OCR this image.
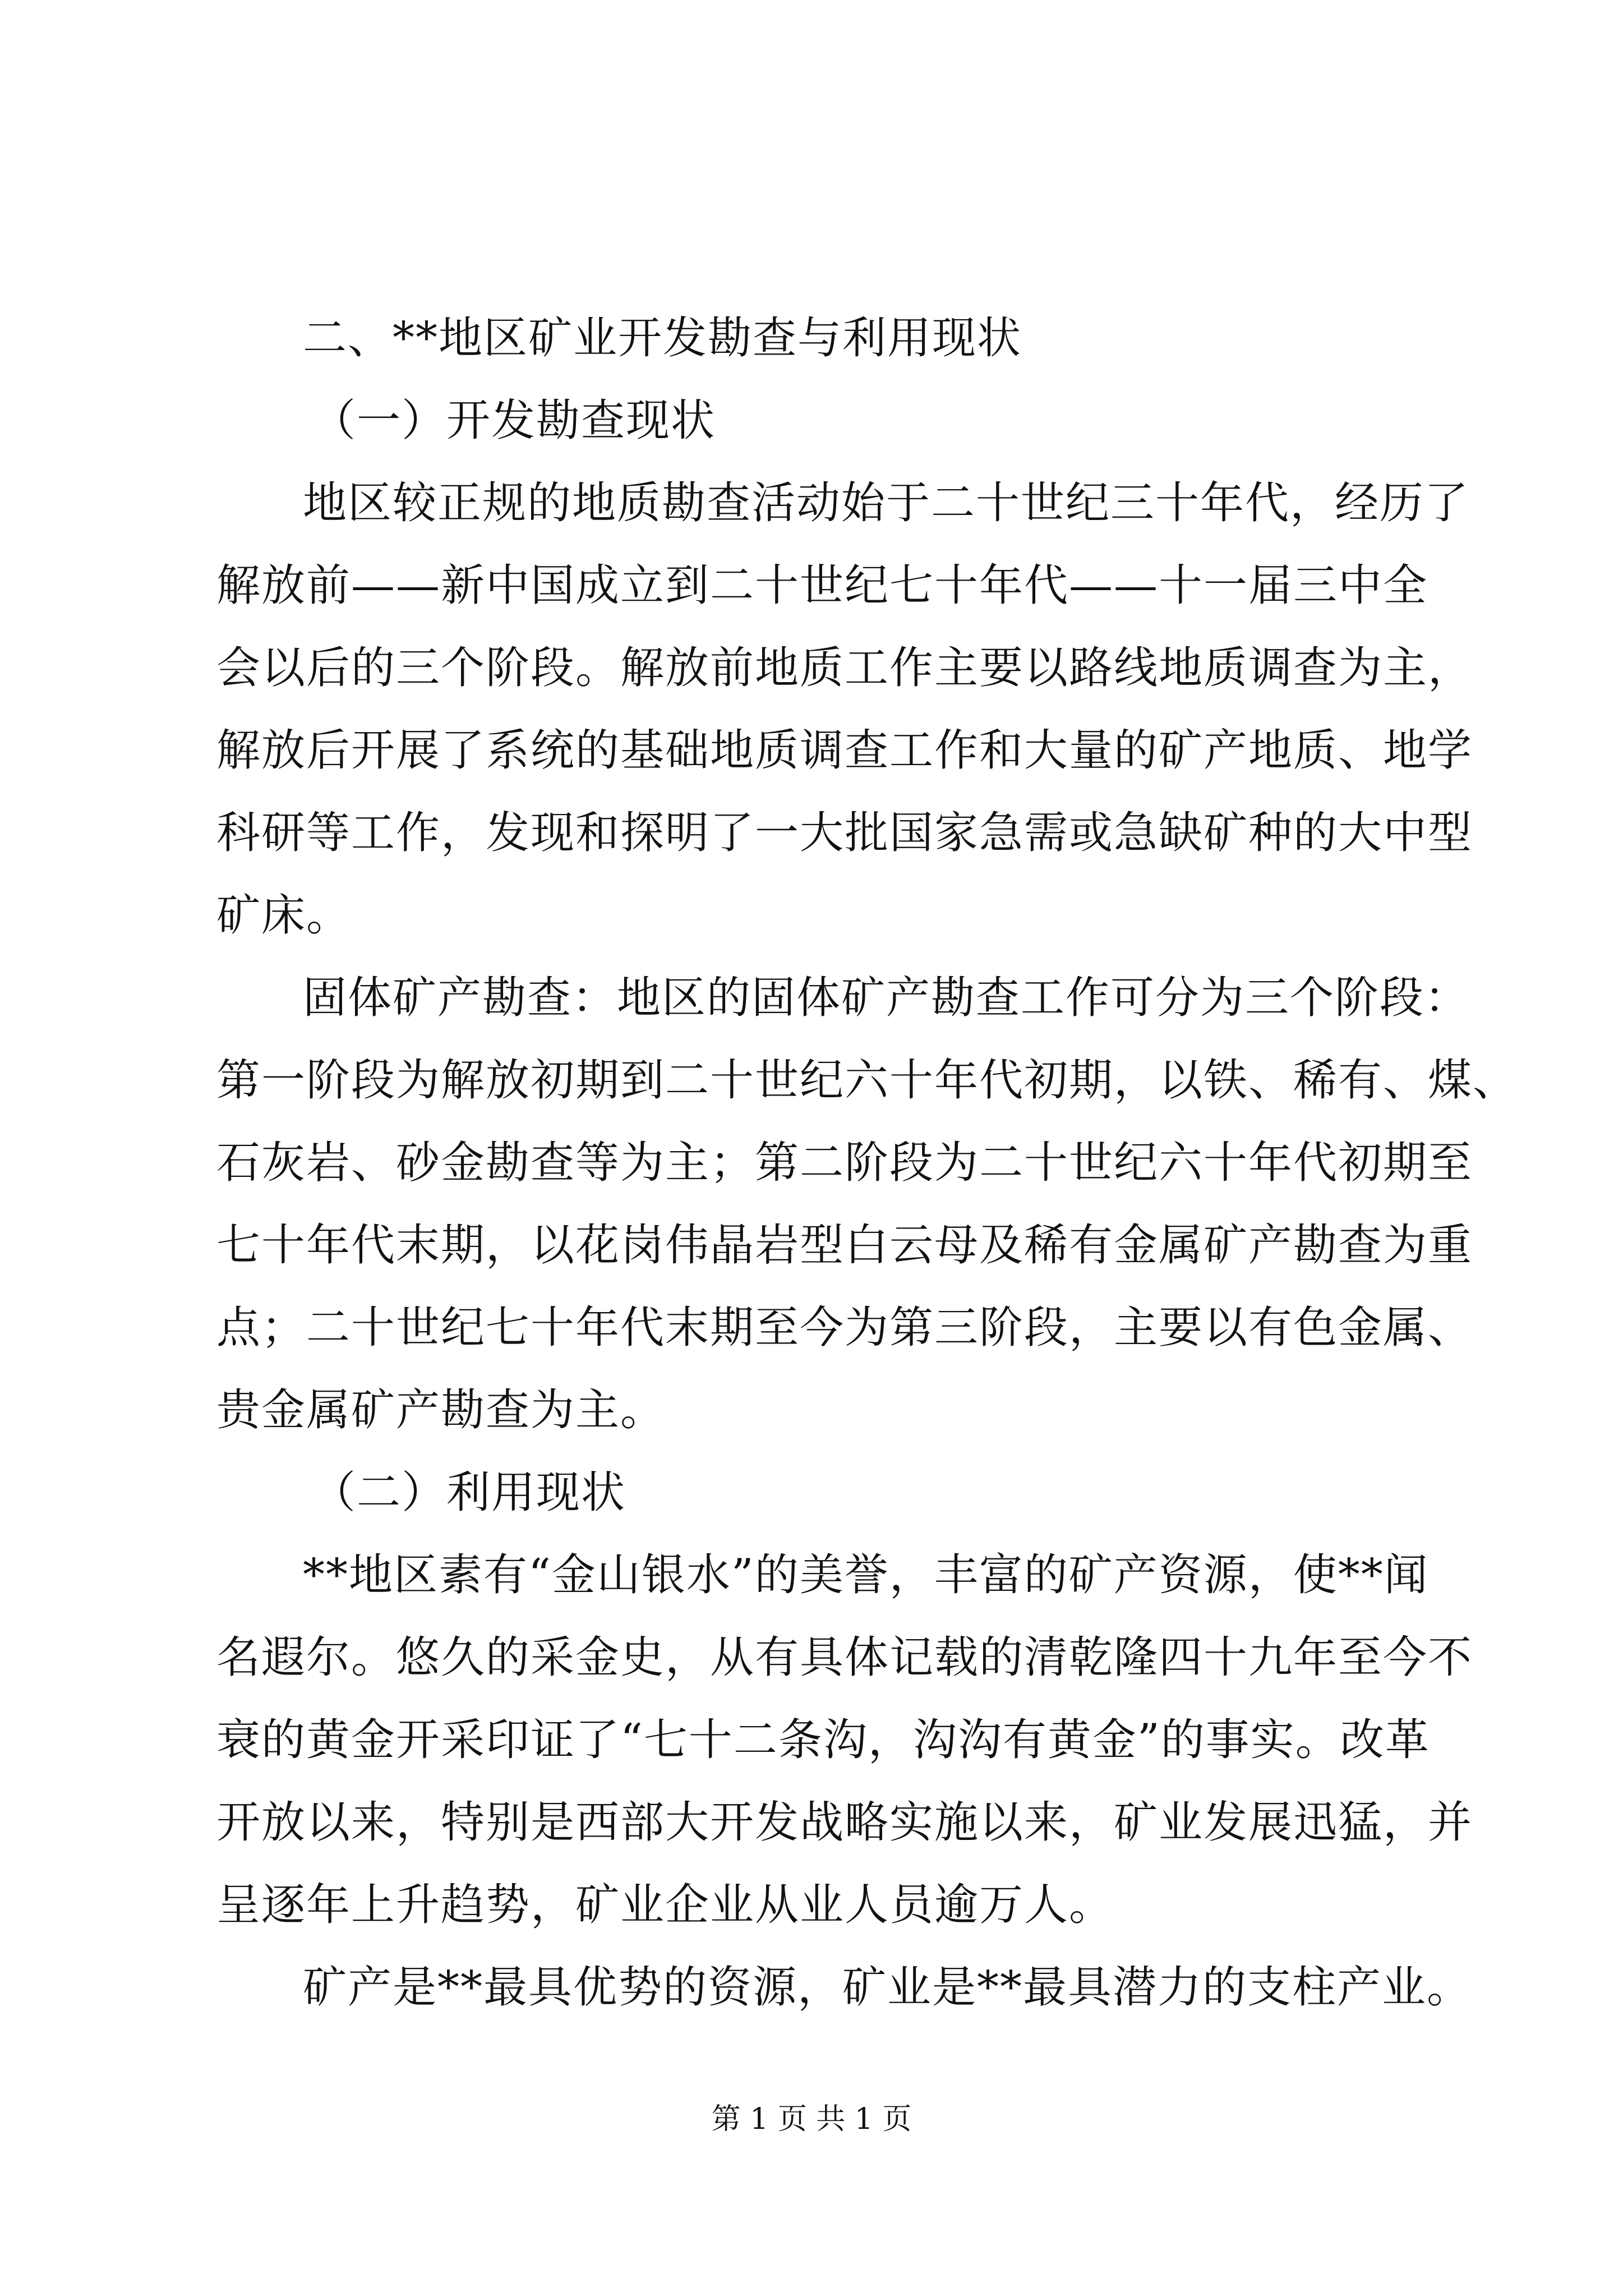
二、**地区矿业开发勘查与利用现状
（一）开发勘查现状
地区较正规的地质勘查活动始于二十世纪三十年代，经历了
解放前——新中国成立到二十世纪七十年代——十一届三中全
会以后的三个阶段。解放前地质工作主要以路线地质调查为主，
解放后开展了系统的基础地质调查工作和大量的矿产地质、地学
科研等工作，发现和探明了一大批国家急需或急缺矿种的大中型
矿床。
固体矿产勘查：地区的固体矿产勘查工作可分为三个阶段：
第一阶段为解放初期到二十世纪六十年代初期，以铁、稀有、煤、
石灰岩、砂金勘查等为主；第二阶段为二十世纪六十年代初期至
七十年代末期，以花岗伟晶岩型白云母及稀有金属矿产勘查为重
点；二十世纪七十年代末期至今为第三阶段，主要以有色金属、
贵金属矿产勘查为主。
（二）利用现状
**地区素有“金山银水”的美誉，丰富的矿产资源，使**闻
名遐尔。悠久的采金史，从有具体记载的清乾隆四十九年至今不
衰的黄金开采印证了“七十二条沟，沟沟有黄金”的事实。改革
开放以来，特别是西部大开发战略实施以来，矿业发展迅猛，并
呈逐年上升趋势，矿业企业从业人员逾万人。
矿产是**最具优势的资源，矿业是**最具潜力的支柱产业。
第 1 页 共 1 页
